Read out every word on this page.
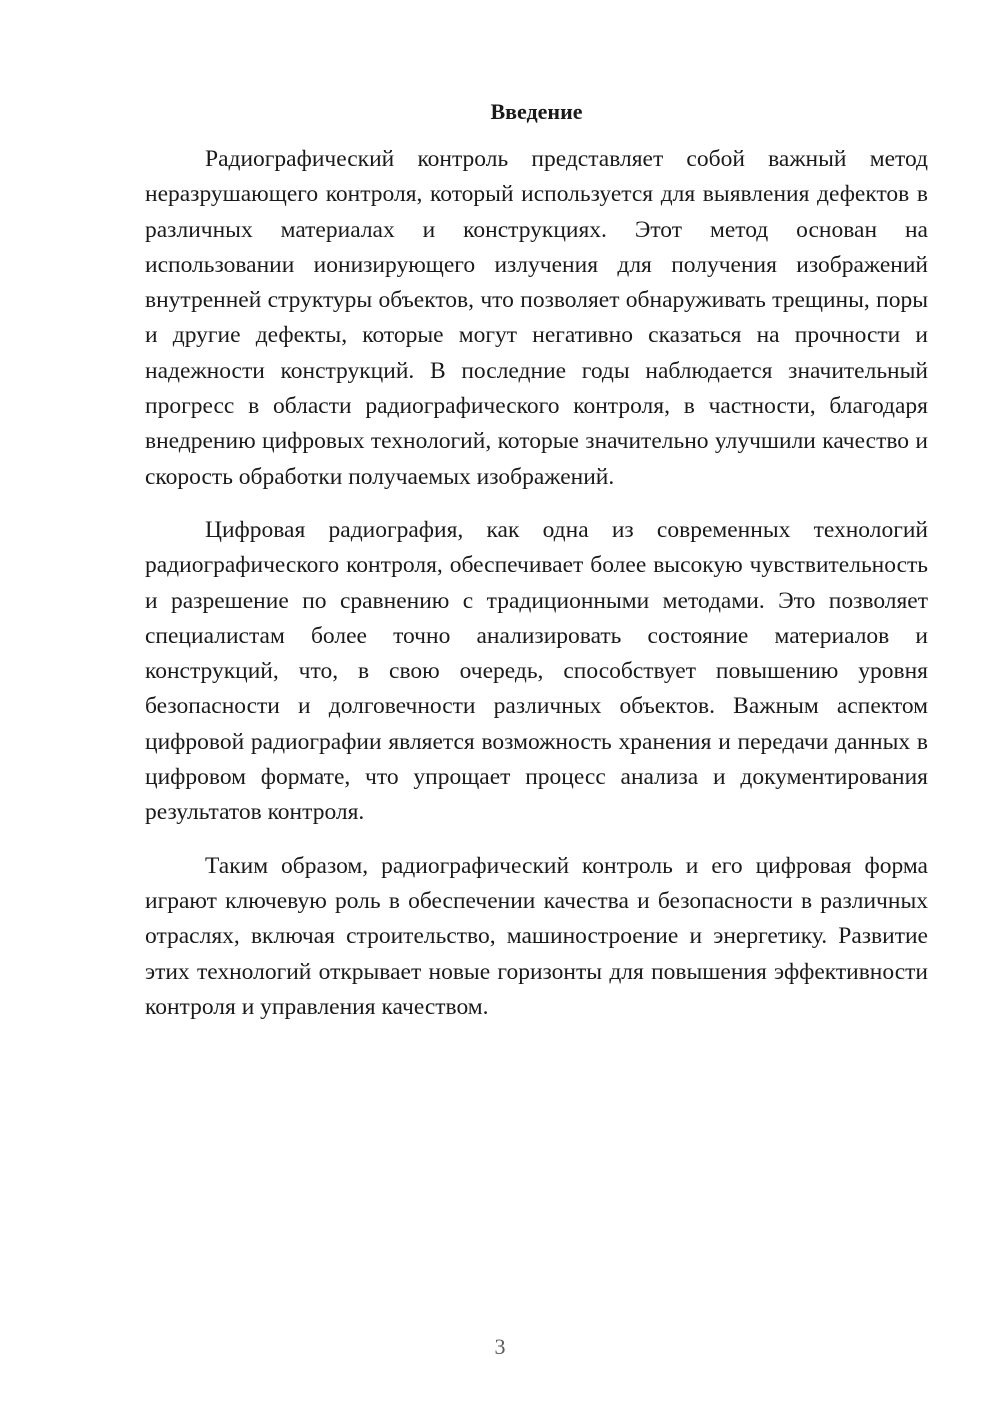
Введение

Радиографический контроль представляет собой важный метод неразрушающего контроля, который используется для выявления дефектов в различных материалах и конструкциях. Этот метод основан на использовании ионизирующего излучения для получения изображений внутренней структуры объектов, что позволяет обнаруживать трещины, поры и другие дефекты, которые могут негативно сказаться на прочности и надежности конструкций. В последние годы наблюдается значительный прогресс в области радиографического контроля, в частности, благодаря внедрению цифровых технологий, которые значительно улучшили качество и скорость обработки получаемых изображений.

Цифровая радиография, как одна из современных технологий радиографического контроля, обеспечивает более высокую чувствительность и разрешение по сравнению с традиционными методами. Это позволяет специалистам более точно анализировать состояние материалов и конструкций, что, в свою очередь, способствует повышению уровня безопасности и долговечности различных объектов. Важным аспектом цифровой радиографии является возможность хранения и передачи данных в цифровом формате, что упрощает процесс анализа и документирования результатов контроля.

Таким образом, радиографический контроль и его цифровая форма играют ключевую роль в обеспечении качества и безопасности в различных отраслях, включая строительство, машиностроение и энергетику. Развитие этих технологий открывает новые горизонты для повышения эффективности контроля и управления качеством.

3
